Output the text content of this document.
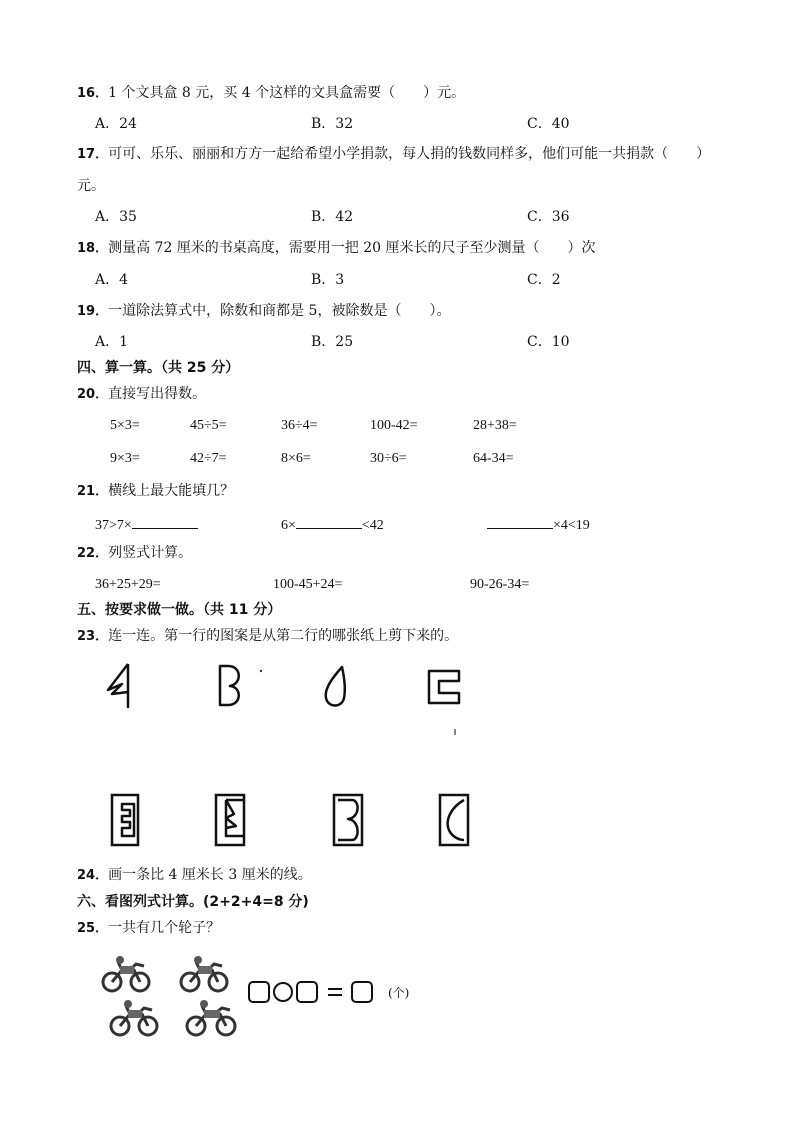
16．1 个文具盒 8 元，买 4 个这样的文具盒需要（　　）元。
A．24	B．32	C．40
17．可可、乐乐、丽丽和方方一起给希望小学捐款，每人捐的钱数同样多，他们可能一共捐款（　　）
元。
A．35	B．42	C．36
18．测量高 72 厘米的书桌高度，需要用一把 20 厘米长的尺子至少测量（　　）次
A．4	B．3	C．2
19．一道除法算式中，除数和商都是 5，被除数是（　　）。
A．1	B．25	C．10
四、算一算。（共 25 分）
20．直接写出得数。
5×3=	45÷5=	36÷4=	100-42=	28+38=
9×3=	42÷7=	8×6=	30÷6=	64-34=
21．横线上最大能填几？
37>7×	6×	<42	×4<19
22．列竖式计算。
36+25+29=	100-45+24=	90-26-34=
五、按要求做一做。（共 11 分）
23．连一连。第一行的图案是从第二行的哪张纸上剪下来的。
24．画一条比 4 厘米长 3 厘米的线。
六、看图列式计算。(2+2+4=8 分)
25．一共有几个轮子？
(个)
